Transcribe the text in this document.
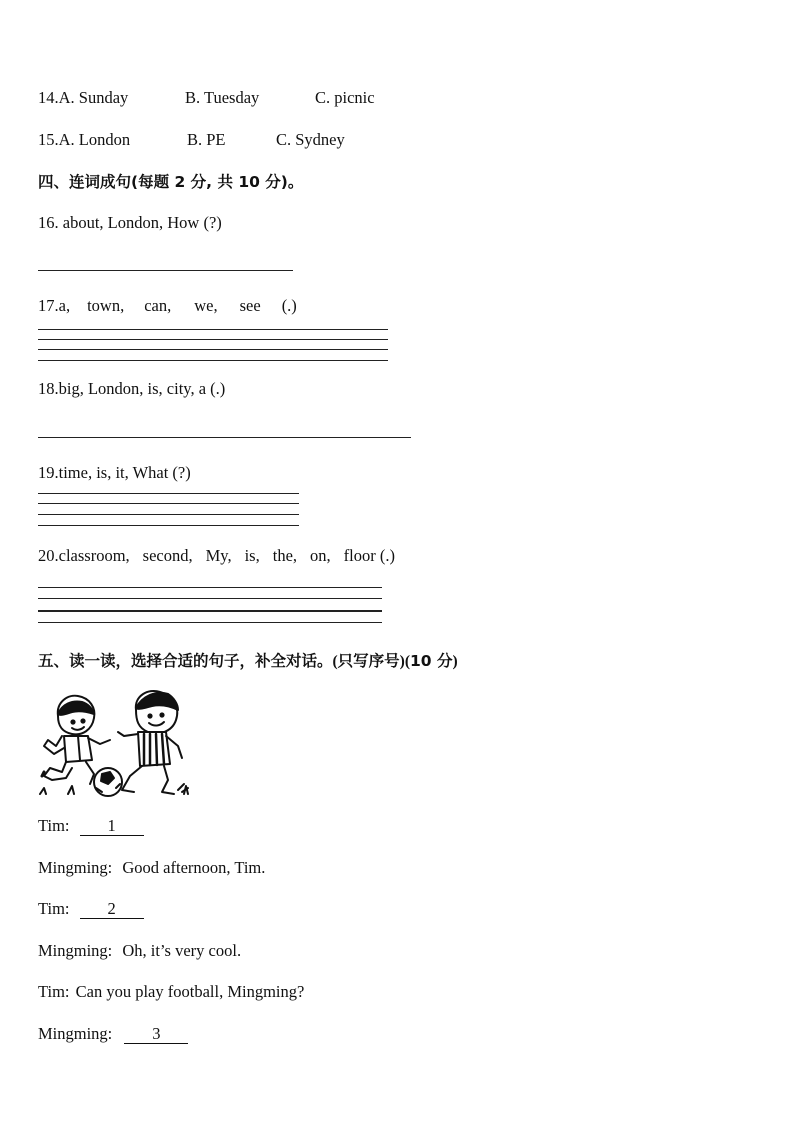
14.A. Sunday	B. Tuesday	C. picnic
15.A. London	B. PE	C. Sydney
四、连词成句(每题 2 分, 共 10 分)。
16. about, London, How (?)
17.a, town, can, we, see (.)
18.big, London, is, city, a (.)
19.time, is, it, What (?)
20.classroom, second, My, is, the, on, floor (.)
五、读一读，选择合适的句子，补全对话。(只写序号)(10 分)
Tim: 1
Mingming: Good afternoon, Tim.
Tim: 2
Mingming: Oh, it’s very cool.
Tim: Can you play football, Mingming?
Mingming: 3
